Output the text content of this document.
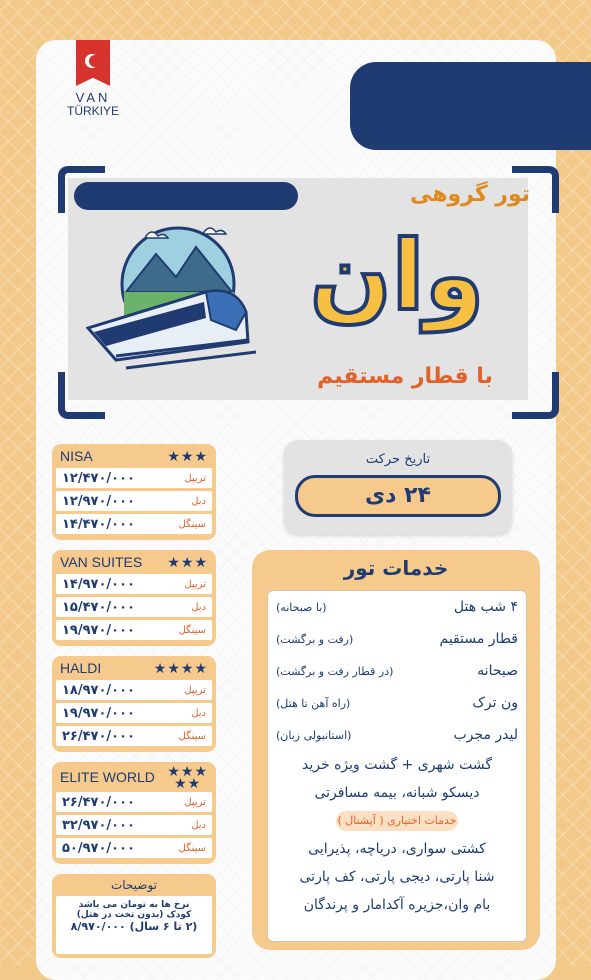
VAN
TÜRKIYE
تور گروهی
وان
با قطار مستقیم
NISA	★★★
۱۲/۴۷۰/۰۰۰	تریپل
۱۲/۹۷۰/۰۰۰	دبل
۱۴/۴۷۰/۰۰۰	سینگل
VAN SUITES ★★★
۱۴/۹۷۰/۰۰۰	تریپل
۱۵/۴۷۰/۰۰۰	دبل
۱۹/۹۷۰/۰۰۰	سینگل
HALDI	★★★★
۱۸/۹۷۰/۰۰۰	تریپل
۱۹/۹۷۰/۰۰۰	دبل
۲۶/۴۷۰/۰۰۰	سینگل
ELITE WORLD ★★★
★★
۲۶/۴۷۰/۰۰۰	تریپل
۳۲/۹۷۰/۰۰۰	دبل
۵۰/۹۷۰/۰۰۰	سینگل
توضیحات
نرخ ها به تومان می باشد
کودک (بدون تخت در هتل)
(۲ تا ۶ سال) ۸/۹۷۰/۰۰۰
تاریخ حرکت
۲۴ دی
خدمات تور
۴ شب هتل
(با صبحانه)
قطار مستقیم
(رفت و برگشت)
صبحانه
(در قطار رفت و برگشت)
ون ترک
(راه آهن تا هتل)
لیدر مجرب
(استانبولی زبان)
گشت شهری + گشت ویژه خرید
دیسکو شبانه، بیمه مسافرتی
خدمات اختیاری ( آپشنال )
کشتی سواری، دریاچه، پذیرایی
شنا پارتی، دیجی پارتی، کف پارتی
بام وان،جزیره آکدامار و پرندگان
